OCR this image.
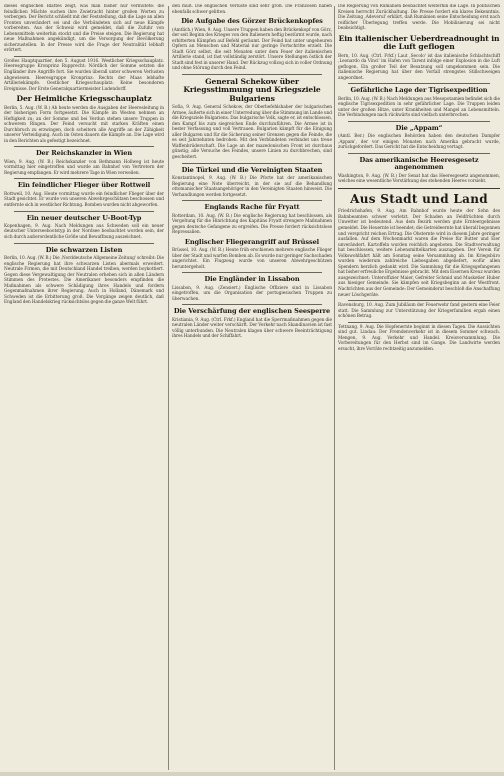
dieses englischen Blattes zeigt, was man bisher nur vermutete: die feindlichen Mächte suchen ihre Zwietracht hinter großen Worten zu verbergen. Der Bericht schließt mit der Feststellung, daß die Lage an allen Fronten unverändert sei und die Verbündeten sich auf neue Kämpfe vorbereiten. Aus der Schweiz wird gemeldet, daß die Zufuhr von Lebensmitteln weiterhin stockt und die Preise steigen. Die Regierung hat neue Maßnahmen angekündigt, um die Versorgung der Bevölkerung sicherzustellen. In der Presse wird die Frage der Neutralität lebhaft erörtert.
Großes Hauptquartier, den 5. August 1916. Westlicher Kriegsschauplatz. Heeresgruppe Kronprinz Rupprecht: Nördlich der Somme setzten die Engländer ihre Angriffe fort. Sie wurden überall unter schweren Verlusten abgewiesen. Heeresgruppe Kronprinz: Rechts der Maas lebhafte Artilleriekämpfe. Oestlicher Kriegsschauplatz: Keine besonderen Ereignisse. Der Erste Generalquartiermeister Ludendorff.
Der Heimliche Kriegsschauplatz
Berlin, 5. Aug. (W. B.) Ab heute werden die Ausgaben der Heeresleitung in der bisherigen Form fortgesetzt. Die Kämpfe im Westen nehmen an Heftigkeit zu; an der Somme und bei Verdun stehen unsere Truppen in schwerem Ringen. Der Feind versucht mit starken Kräften einen Durchbruch zu erzwingen, doch scheitern alle Angriffe an der Zähigkeit unserer Verteidigung. Auch im Osten dauern die Kämpfe an. Die Lage wird in den Berichten als gefestigt bezeichnet.
Der Reichskanzler in Wien
Wien, 9. Aug. (W. B.) Reichskanzler von Bethmann Hollweg ist heute vormittag hier eingetroffen und wurde am Bahnhof von Vertretern der Regierung empfangen. Er wird mehrere Tage in Wien verweilen.
Ein feindlicher Flieger über Rottweil
Rottweil, 10. Aug. Heute vormittag wurde ein feindlicher Flieger über der Stadt gesichtet. Er wurde von unseren Abwehrgeschützen beschossen und entfernte sich in westlicher Richtung. Bomben wurden nicht abgeworfen.
Ein neuer deutscher U-Boot-Typ
Kopenhagen, 9. Aug. Nach Meldungen aus Schweden soll ein neuer deutscher Unterseebootstyp in der Nordsee beobachtet worden sein, der sich durch außerordentliche Größe und Bewaffnung auszeichnet.
Die schwarzen Listen
Berlin, 10. Aug. (W. B.) Die ,Norddeutsche Allgemeine Zeitung' schreibt: Die englische Regierung hat ihre schwarzen Listen abermals erweitert. Neutrale Firmen, die mit Deutschland Handel treiben, werden boykottiert. Gegen diese Vergewaltigung der Neutralen erheben sich in allen Ländern Stimmen des Protestes. Die Amerikaner besonders empfinden die Maßnahmen als schwere Schädigung ihres Handels und fordern Gegenmaßnahmen ihrer Regierung. Auch in Holland, Dänemark und Schweden ist die Erbitterung groß. Die Vorgänge zeigen deutlich, daß England den Handelskrieg rücksichtslos gegen die ganze Welt führt.
den muß. Die englischen Verluste sind sehr groß. Die Franzosen haben ebenfalls schwer gelitten.
Die Aufgabe des Görzer Brückenkopfes
(Amtlich.) Wien, 9. Aug. Unsere Truppen haben den Brückenkopf von Görz, der seit Beginn des Krieges von den Italienern heftig bestürmt wurde, nach erbitterten Kämpfen auf Befehl geräumt. Der Feind hat unter ungeheuren Opfern an Menschen und Material nur geringe Fortschritte erzielt. Die Stadt Görz selbst, die seit Monaten unter dem Feuer der italienischen Artillerie stand, ist fast vollständig zerstört. Unsere Stellungen östlich der Stadt sind fest in unserer Hand. Der Rückzug vollzog sich in voller Ordnung und ohne Störung durch den Feind.
General Schekow über Kriegsstimmung und Kriegsziele Bulgariens
Sofia, 9. Aug. General Schekow, der Oberbefehlshaber der bulgarischen Armee, äußerte sich in einer Unterredung über die Stimmung im Lande und die Kriegsziele Bulgariens. Das bulgarische Volk, sagte er, ist entschlossen, den Kampf bis zum siegreichen Ende durchzuführen. Die Armee ist in bester Verfassung und voll Vertrauen. Bulgarien kämpft für die Einigung aller Bulgaren und für die Sicherung seiner Grenzen gegen die Feinde, die es seit Jahrzehnten bedrohen. Mit den Verbündeten verbindet uns treue Waffenbrüderschaft. Die Lage an der mazedonischen Front ist durchaus günstig; alle Versuche des Feindes, unsere Linien zu durchbrechen, sind gescheitert.
Die Türkei und die Vereinigten Staaten
Konstantinopel, 9. Aug. (W. B.) Die Pforte hat der amerikanischen Regierung eine Note überreicht, in der sie auf die Behandlung ottomanischer Staatsangehöriger in den Vereinigten Staaten hinweist. Die Verhandlungen werden fortgesetzt.
Englands Rache für Fryatt
Rotterdam, 10. Aug. (W. B.) Die englische Regierung hat beschlossen, als Vergeltung für die Hinrichtung des Kapitäns Fryatt strengere Maßnahmen gegen deutsche Gefangene zu ergreifen. Die Presse fordert rücksichtslose Repressalien.
Englischer Fliegerangriff auf Brüssel
Brüssel, 10. Aug. (W. B.) Heute früh erschienen mehrere englische Flieger über der Stadt und warfen Bomben ab. Es wurde nur geringer Sachschaden angerichtet. Ein Flugzeug wurde von unseren Abwehrgeschützen heruntergeholt.
Die Engländer in Lissabon
Lissabon, 9. Aug. (Zensiert.) Englische Offiziere sind in Lissabon eingetroffen, um die Organisation der portugiesischen Truppen zu überwachen.
Die Verschärfung der englischen Seesperre
Kristiania, 9. Aug. (Ctrl. Frkf.) England hat die Sperrmaßnahmen gegen die neutralen Länder weiter verschärft. Der Verkehr nach Skandinavien ist fast völlig unterbunden. Die Neutralen klagen über schwere Beeinträchtigung ihres Handels und der Schiffahrt.
Die Regierung von Rumänien beobachtet weiterhin die Lage. In politischen Kreisen herrscht Zurückhaltung. Die Presse fordert ein klares Bekenntnis. Die Zeitung ,Adeverul' erklärt, daß Rumänien seine Entscheidung erst nach reiflicher Überlegung treffen werde. Die Mobilisierung sei nicht beabsichtigt.
Ein italienischer Ueberdreadnought in die Luft geflogen
Bern, 10. Aug. (Ctrl. Frkf.) Laut ,Secolo' ist das italienische Schlachtschiff ,Leonardo da Vinci' im Hafen von Tarent infolge einer Explosion in die Luft geflogen. Ein großer Teil der Besatzung soll umgekommen sein. Die italienische Regierung hat über den Vorfall strengstes Stillschweigen angeordnet.
Gefährliche Lage der Tigrisexpedition
Berlin, 10. Aug. (W. B.) Nach Meldungen aus Mesopotamien befindet sich die englische Tigrisexpedition in sehr gefährlicher Lage. Die Truppen leiden unter der großen Hitze, unter Krankheiten und Mangel an Lebensmitteln. Die Verbindungen nach rückwärts sind vielfach unterbrochen.
Die „Appam“
(Amtl. Ber.) Die englischen Behörden haben den deutschen Dampfer ,Appam', der vor einigen Monaten nach Amerika gebracht wurde, zurückgefordert. Das Gericht hat die Entscheidung vertagt.
Das amerikanische Heeresgesetz angenommen
Washington, 9. Aug. (W. B.) Der Senat hat das Heeresgesetz angenommen, welches eine wesentliche Verstärkung des stehenden Heeres vorsieht.
Aus Stadt und Land
Friedrichshafen, 9. Aug. Am Bahnhof wurde heute der Sohn des Bahnbeamten schwer verletzt. Der Schaden an Feldfrüchten durch Unwetter ist bedeutend. Aus dem Bezirk werden gute Ernteergebnisse gemeldet. Die Heuernte ist beendet; die Getreideernte hat überall begonnen und verspricht reichen Ertrag. Die Obsternte wird in diesem Jahre geringer ausfallen. Auf dem Wochenmarkt waren die Preise für Butter und Eier unverändert. Kartoffeln wurden reichlich angeboten. Die Stadtverwaltung hat beschlossen, weitere Lebensmittelkarten auszugeben. Der Verein für Volkswohlfahrt hält am Sonntag seine Versammlung ab. Im Kriegsbüro wurden wiederum zahlreiche Liebesgaben abgeliefert, wofür allen Spendern herzlich gedankt wird. Die Sammlung für die Kriegsgefangenen hat bisher erfreuliche Ergebnisse gebracht. Mit dem Eisernen Kreuz wurden ausgezeichnet: Unteroffizier Maier, Gefreiter Schmid und Musketier Huber aus hiesiger Gemeinde. Sie kämpfen seit Kriegsbeginn an der Westfront. Nachrichten aus der Gemeinde: Der Gemeinderat beschloß die Anschaffung neuer Löschgeräte.
Ravensburg, 10. Aug. Zum Jubiläum der Feuerwehr fand gestern eine Feier statt. Die Sammlung zur Unterstützung der Kriegerfamilien ergab einen schönen Betrag.
Tettnang, 9. Aug. Die Hopfenernte beginnt in diesen Tagen. Die Aussichten sind gut. Lindau: Der Fremdenverkehr ist in diesem Sommer schwach. Mengen, 9. Aug. Verkehr und Handel. Kreisversammlung. Die Vorbereitungen für den Herbst sind im Gange. Die Landwirte werden ersucht, ihre Vorräte rechtzeitig anzumelden.
